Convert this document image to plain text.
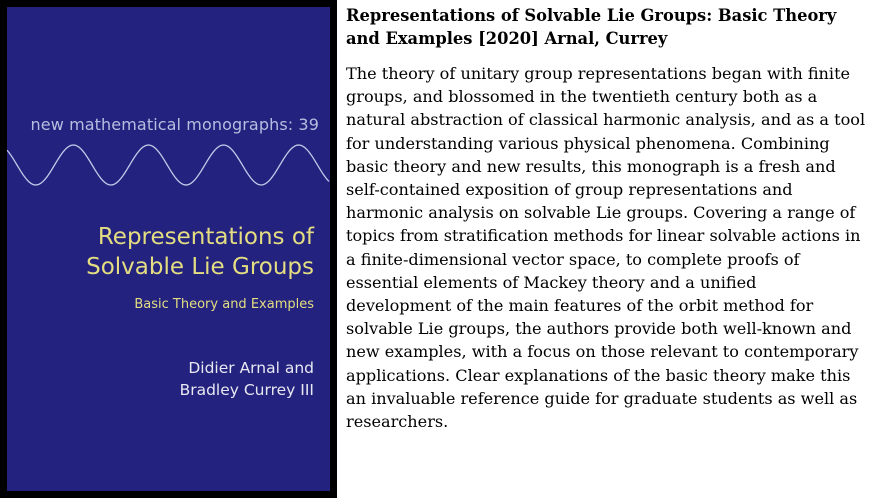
new mathematical monographs: 39
Representations of
Solvable Lie Groups
Basic Theory and Examples
Didier Arnal and
Bradley Currey III
Representations of Solvable Lie Groups: Basic Theory and Examples [2020] Arnal, Currey

The theory of unitary group representations began with finite groups, and blossomed in the twentieth century both as a natural abstraction of classical harmonic analysis, and as a tool for understanding various physical phenomena. Combining basic theory and new results, this monograph is a fresh and self-contained exposition of group representations and harmonic analysis on solvable Lie groups. Covering a range of topics from stratification methods for linear solvable actions in a finite-dimensional vector space, to complete proofs of essential elements of Mackey theory and a unified development of the main features of the orbit method for solvable Lie groups, the authors provide both well-known and new examples, with a focus on those relevant to contemporary applications. Clear explanations of the basic theory make this an invaluable reference guide for graduate students as well as researchers.
